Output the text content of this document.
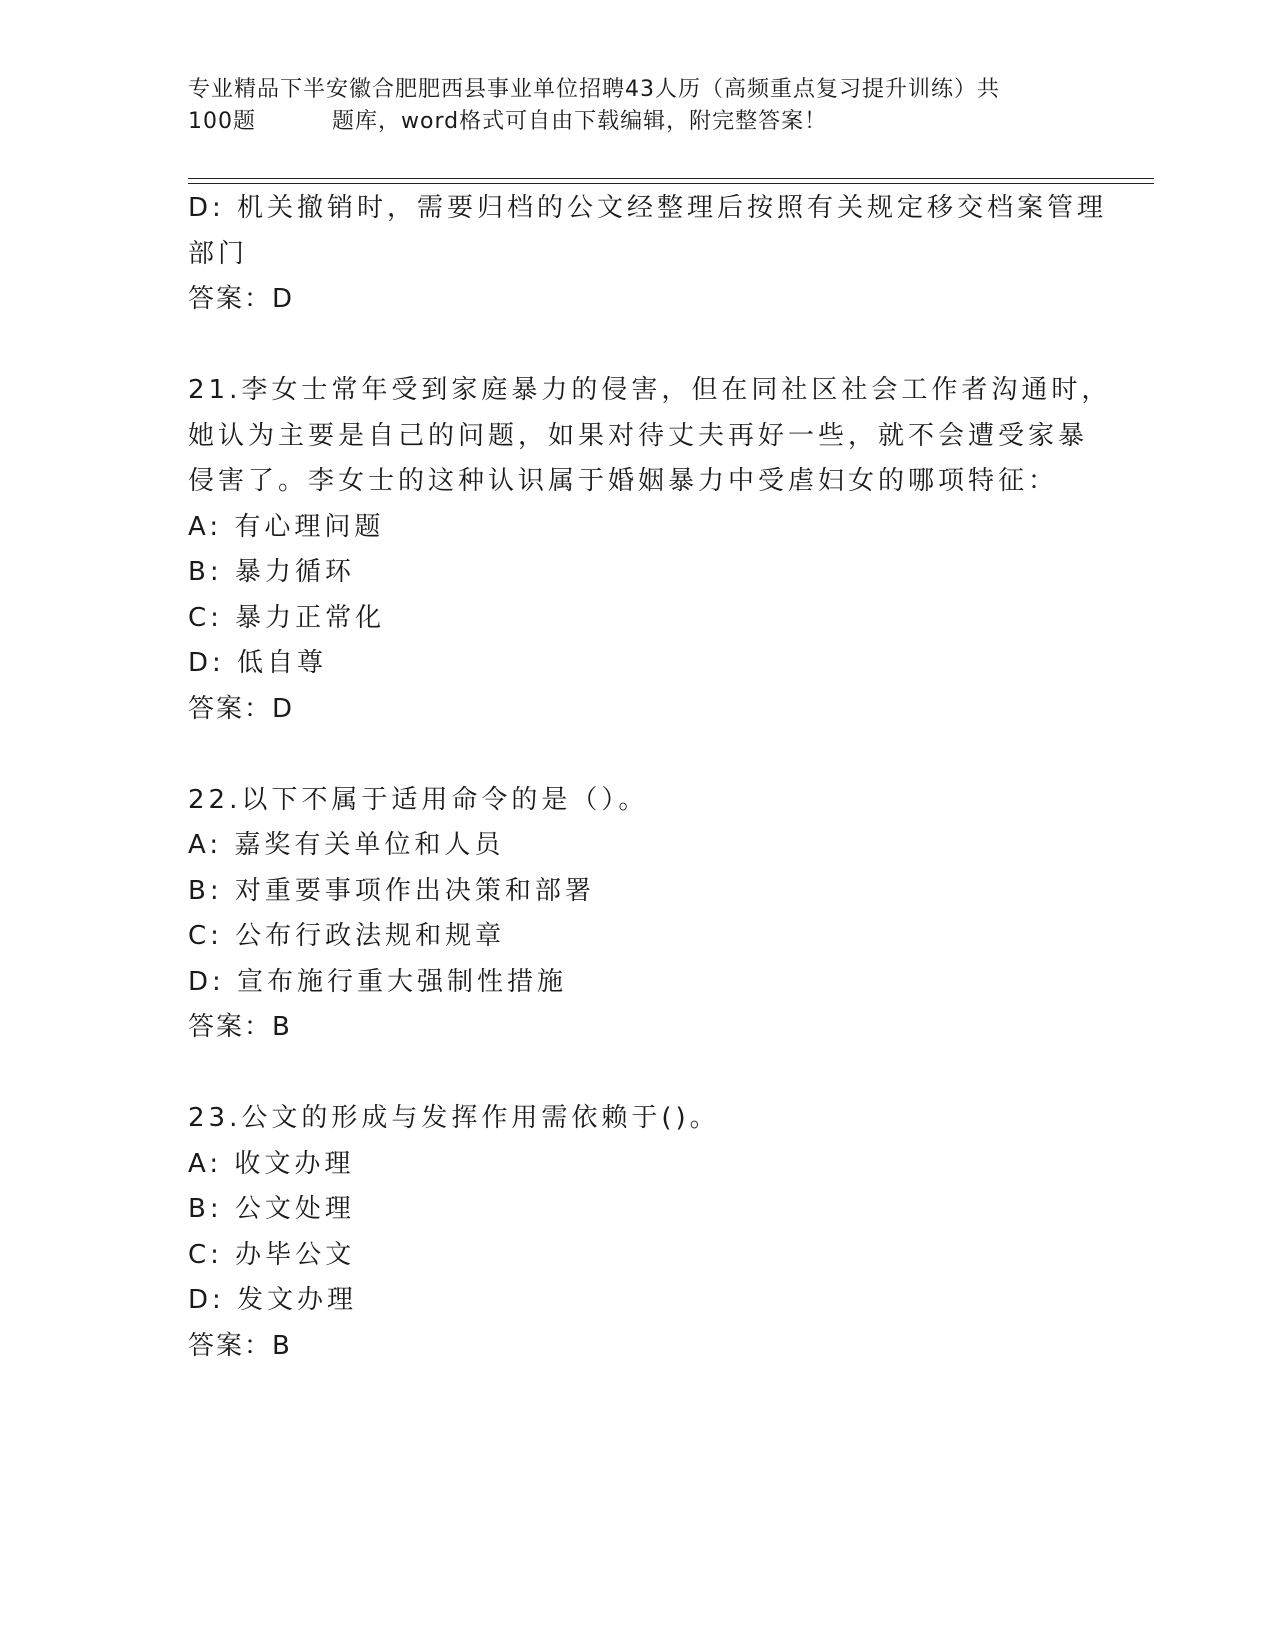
专业精品下半安徽合肥肥西县事业单位招聘43人历（高频重点复习提升训练）共
100题	题库，word格式可自由下载编辑，附完整答案！
D: 机关撤销时，需要归档的公文经整理后按照有关规定移交档案管理
部门
答案：D
21.李女士常年受到家庭暴力的侵害，但在同社区社会工作者沟通时，
她认为主要是自己的问题，如果对待丈夫再好一些，就不会遭受家暴
侵害了。李女士的这种认识属于婚姻暴力中受虐妇女的哪项特征：
A: 有心理问题
B: 暴力循环
C: 暴力正常化
D: 低自尊
答案：D
22.以下不属于适用命令的是（）。
A: 嘉奖有关单位和人员
B: 对重要事项作出决策和部署
C: 公布行政法规和规章
D: 宣布施行重大强制性措施
答案：B
23.公文的形成与发挥作用需依赖于()。
A: 收文办理
B: 公文处理
C: 办毕公文
D: 发文办理
答案：B
